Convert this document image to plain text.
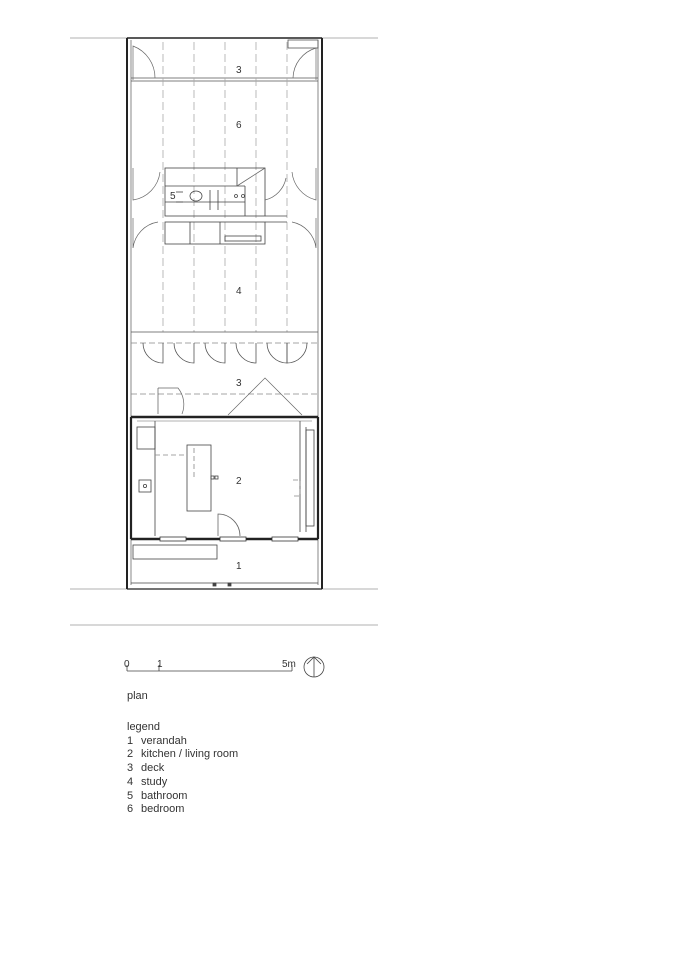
3
6
5
4
3
2
1
0	1	5m
plan
legend
1 verandah
2 kitchen / living room
3 deck
4 study
5 bathroom
6 bedroom
